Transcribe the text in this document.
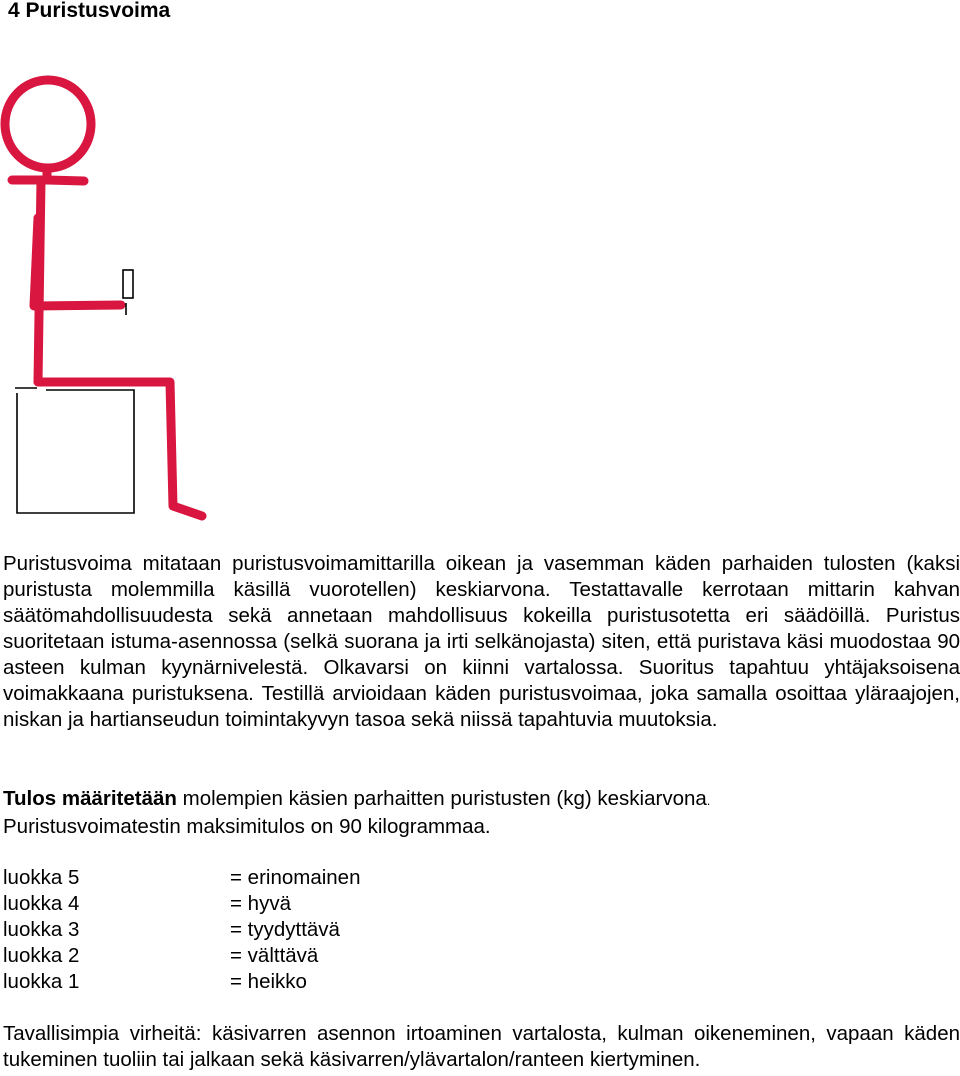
4 Puristusvoima

Puristusvoima mitataan puristusvoimamittarilla oikean ja vasemman käden parhaiden tulosten (kaksi puristusta molemmilla käsillä vuorotellen) keskiarvona. Testattavalle kerrotaan mittarin kahvan säätömahdollisuudesta sekä annetaan mahdollisuus kokeilla puristusotetta eri säädöillä. Puristus suoritetaan istuma-asennossa (selkä suorana ja irti selkänojasta) siten, että puristava käsi muodostaa 90 asteen kulman kyynärnivelestä. Olkavarsi on kiinni vartalossa. Suoritus tapahtuu yhtäjaksoisena voimakkaana puristuksena. Testillä arvioidaan käden puristusvoimaa, joka samalla osoittaa yläraajojen, niskan ja hartianseudun toimintakyvyn tasoa sekä niissä tapahtuvia muutoksia.

Tulos määritetään molempien käsien parhaitten puristusten (kg) keskiarvona.
Puristusvoimatestin maksimitulos on 90 kilogrammaa.
luokka 5	= erinomainen
luokka 4	= hyvä
luokka 3	= tyydyttävä
luokka 2	= välttävä
luokka 1	= heikko

Tavallisimpia virheitä: käsivarren asennon irtoaminen vartalosta, kulman oikeneminen, vapaan käden tukeminen tuoliin tai jalkaan sekä käsivarren/ylävartalon/ranteen kiertyminen.
